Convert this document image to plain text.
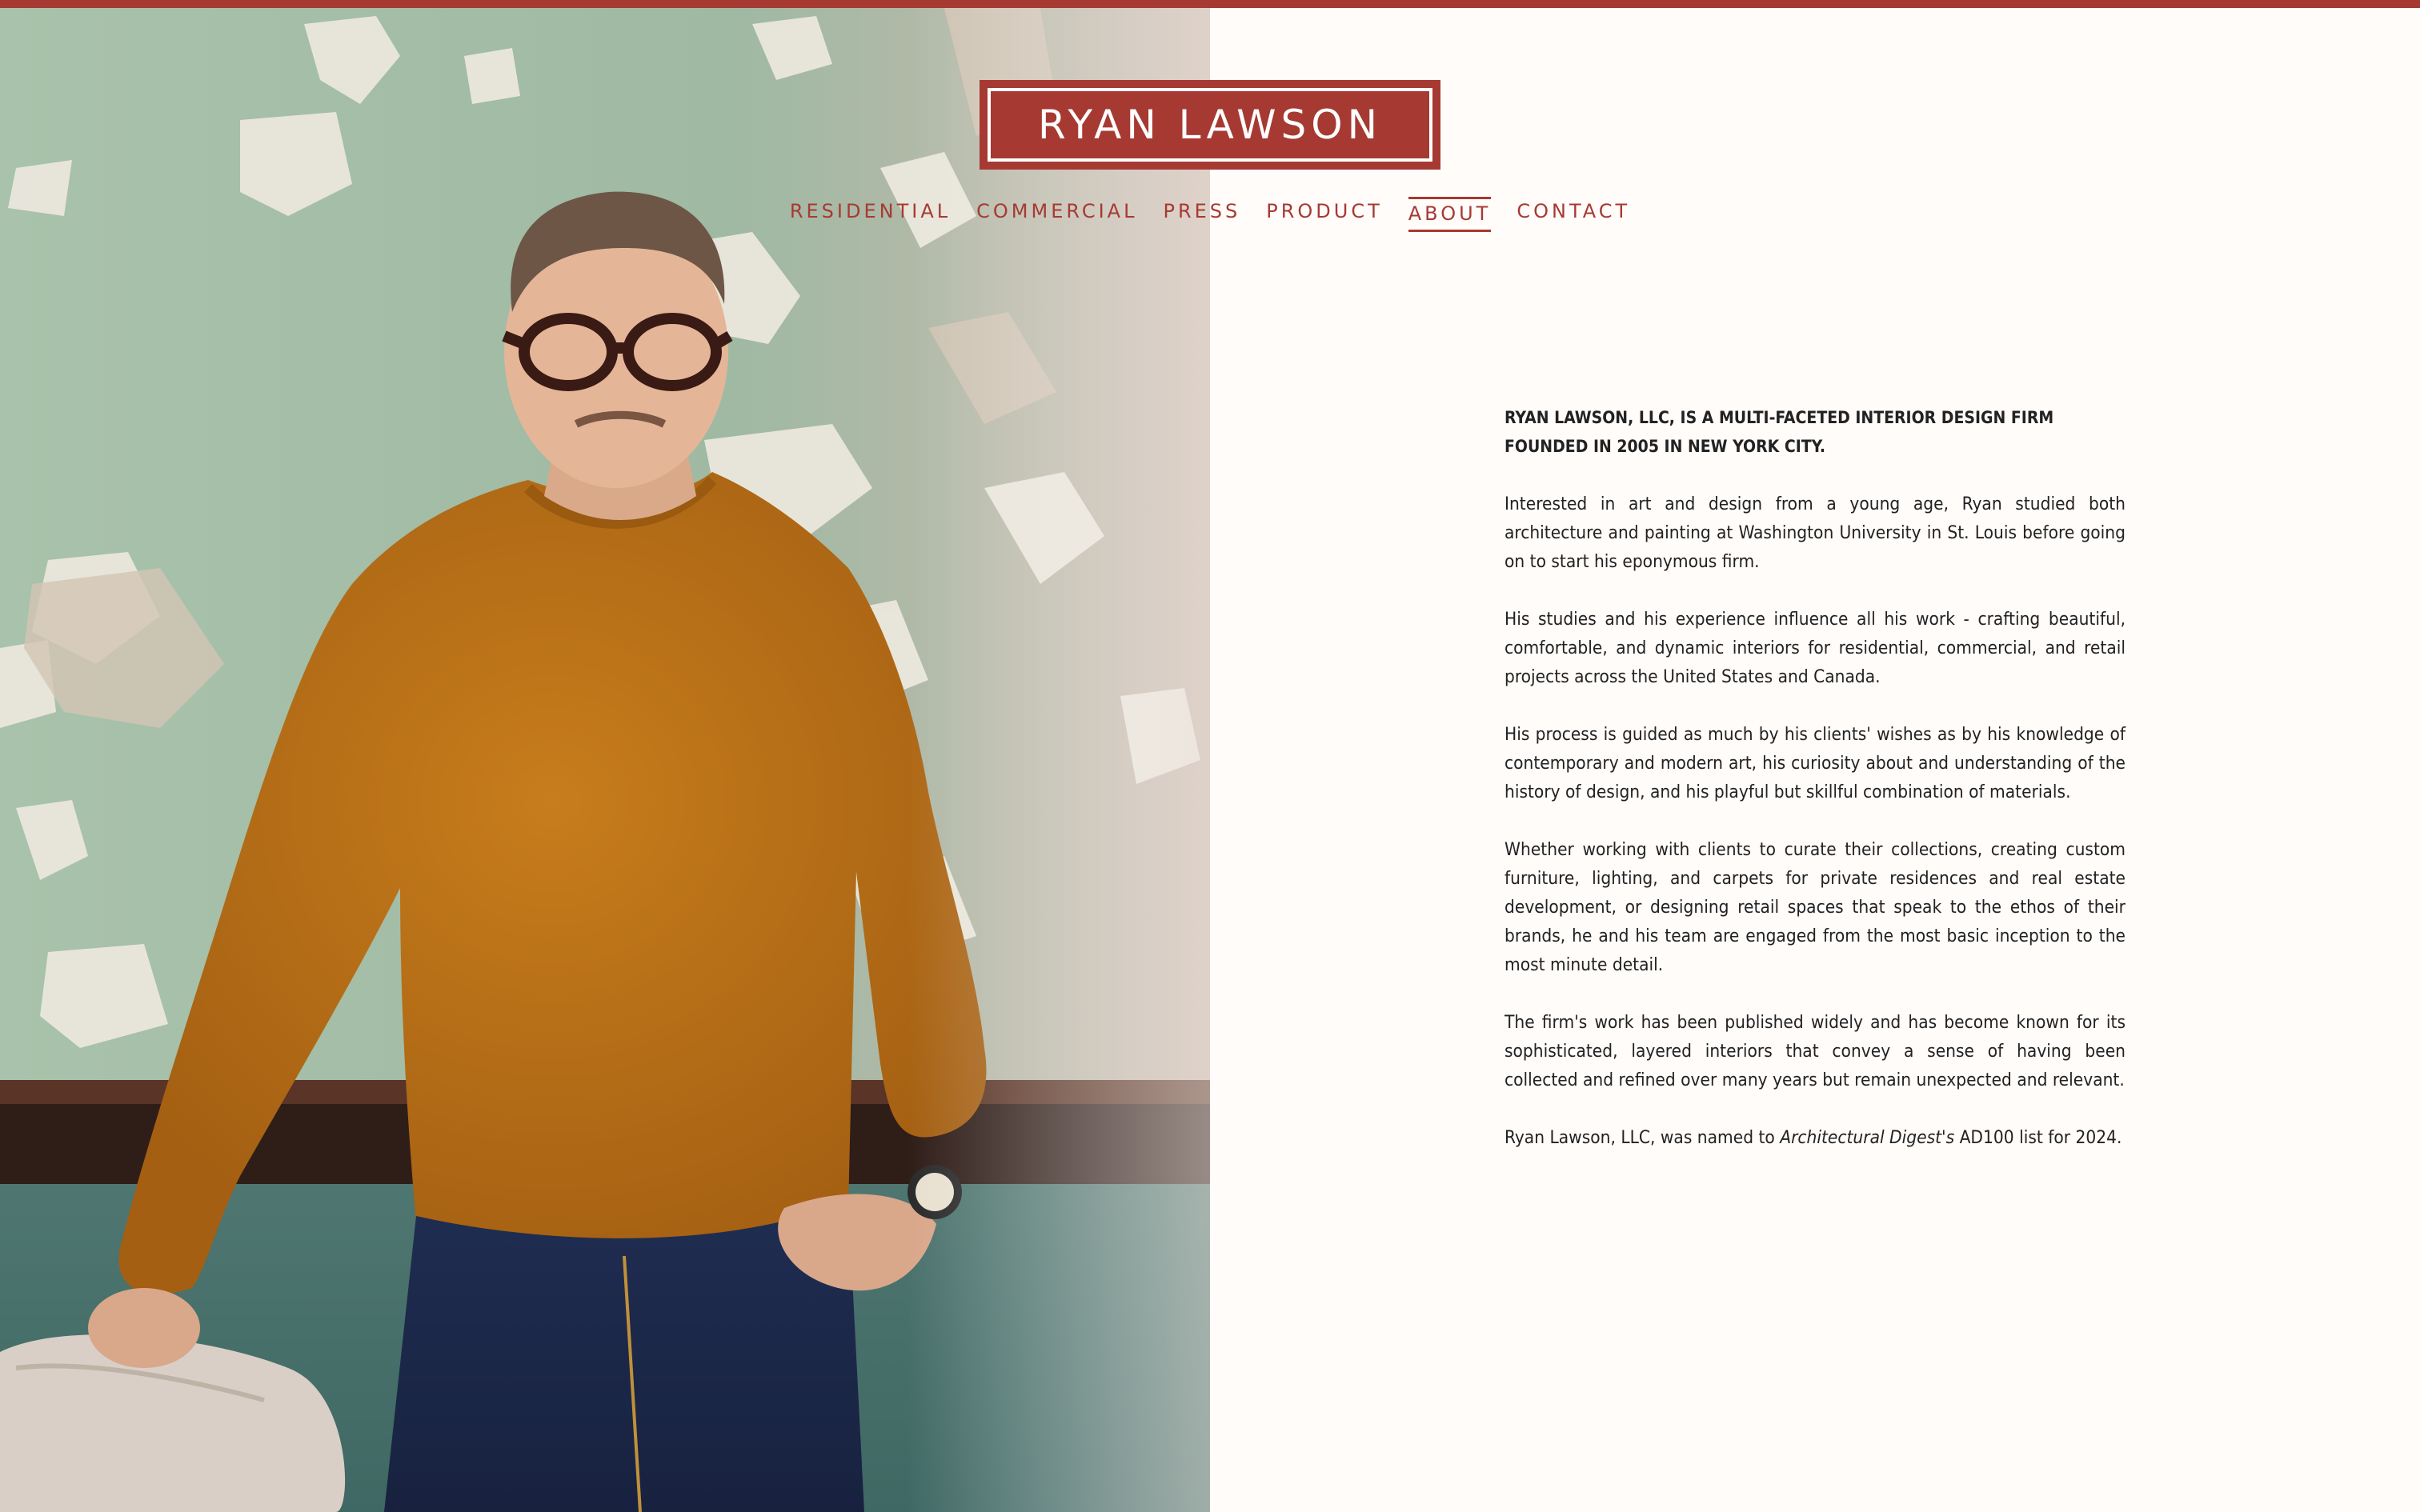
RYAN LAWSON
RESIDENTIAL COMMERCIAL PRESS PRODUCT ABOUT CONTACT

RYAN LAWSON, LLC, IS A MULTI-FACETED INTERIOR DESIGN FIRM FOUNDED IN 2005 IN NEW YORK CITY.

Interested in art and design from a young age, Ryan studied both architecture and painting at Washington University in St. Louis before going on to start his eponymous firm.

His studies and his experience influence all his work - crafting beautiful, comfortable, and dynamic interiors for residential, commercial, and retail projects across the United States and Canada.

His process is guided as much by his clients' wishes as by his knowledge of contemporary and modern art, his curiosity about and understanding of the history of design, and his playful but skillful combination of materials.

Whether working with clients to curate their collections, creating custom furniture, lighting, and carpets for private residences and real estate development, or designing retail spaces that speak to the ethos of their brands, he and his team are engaged from the most basic inception to the most minute detail.

The firm's work has been published widely and has become known for its sophisticated, layered interiors that convey a sense of having been collected and refined over many years but remain unexpected and relevant.

Ryan Lawson, LLC, was named to Architectural Digest's AD100 list for 2024.
